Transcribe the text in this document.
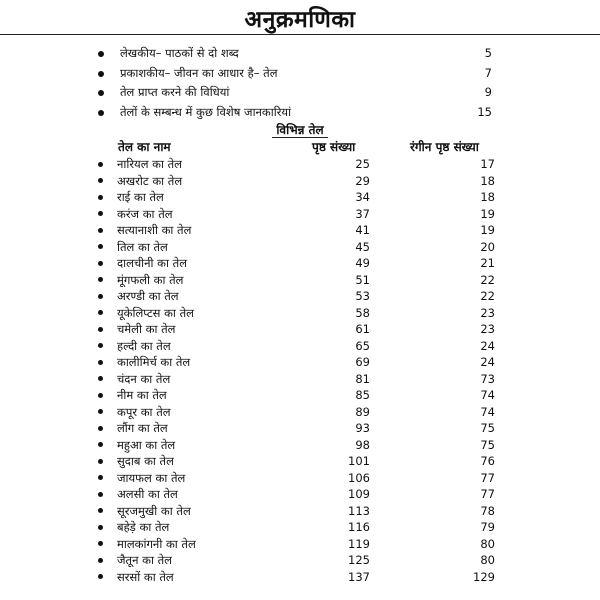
अनुक्रमणिका
लेखकीय– पाठकों से दो शब्द	5
प्रकाशकीय– जीवन का आधार है– तेल	7
तेल प्राप्त करने की विधियां	9
तेलों के सम्बन्ध में कुछ विशेष जानकारियां	15
विभिन्न तेल
तेल का नाम	पृष्ठ संख्या	रंगीन पृष्ठ संख्या
नारियल का तेल	25	17
अखरोट का तेल	29	18
राई का तेल	34	18
करंज का तेल	37	19
सत्यानाशी का तेल	41	19
तिल का तेल	45	20
दालचीनी का तेल	49	21
मूंगफली का तेल	51	22
अरण्डी का तेल	53	22
यूकेलिप्टस का तेल	58	23
चमेली का तेल	61	23
हल्दी का तेल	65	24
कालीमिर्च का तेल	69	24
चंदन का तेल	81	73
नीम का तेल	85	74
कपूर का तेल	89	74
लौंग का तेल	93	75
महुआ का तेल	98	75
सुदाब का तेल	101	76
जायफल का तेल	106	77
अलसी का तेल	109	77
सूरजमुखी का तेल	113	78
बहेड़े का तेल	116	79
मालकांगनी का तेल	119	80
जैतून का तेल	125	80
सरसों का तेल	137	129
